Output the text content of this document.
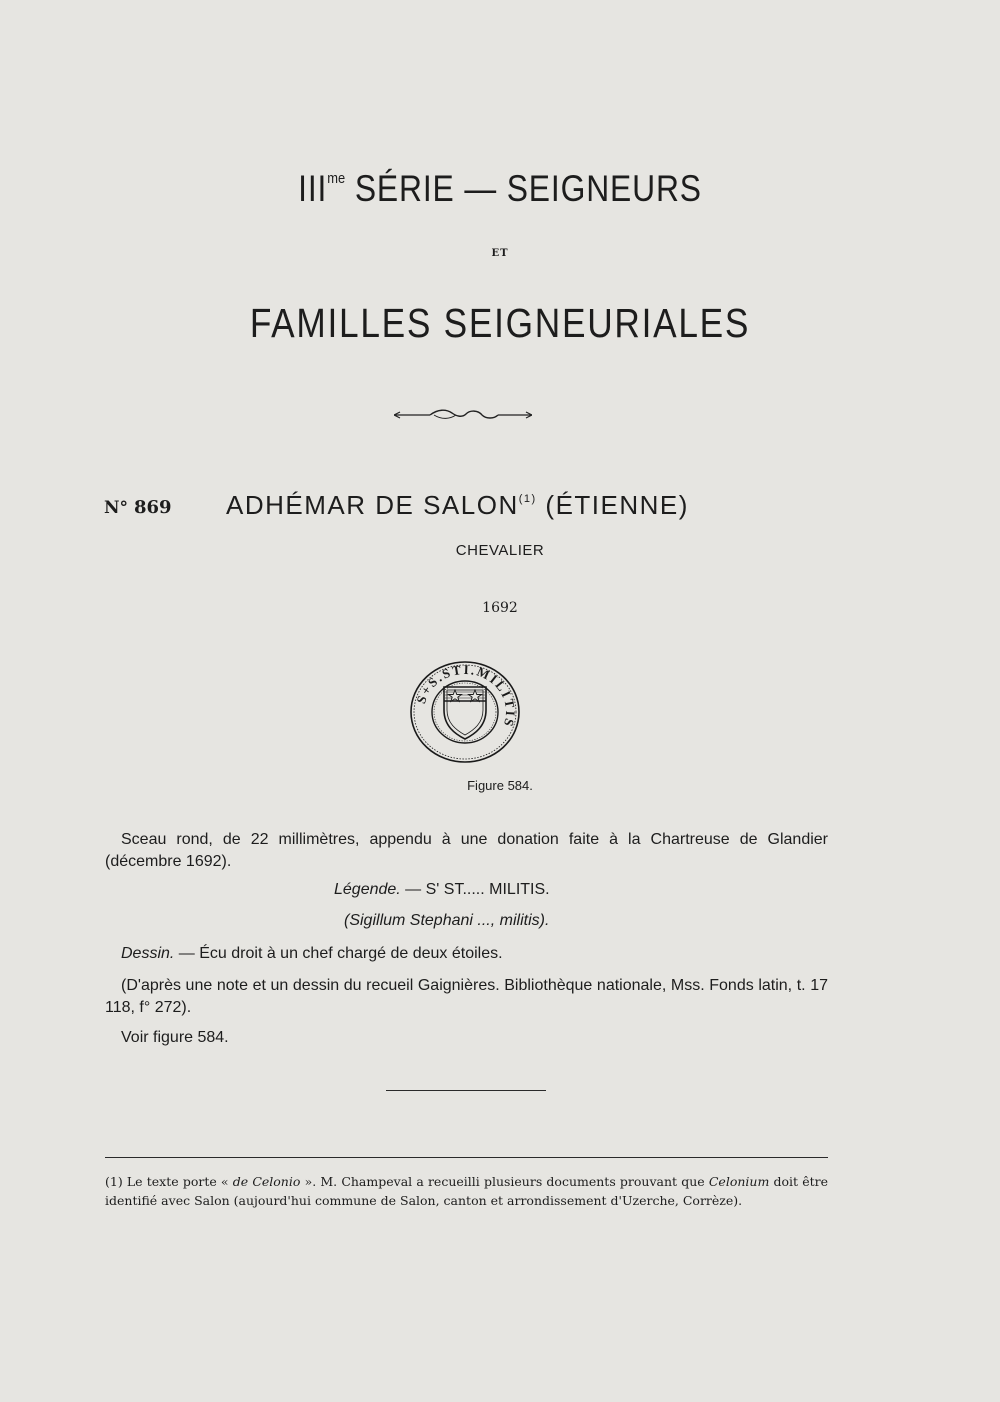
$III^{me}$ SÉRIE — SEIGNEURS
ET
FAMILLES SEIGNEURIALES
N° 869 ADHÉMAR DE SALON$^{(1)}$ (ÉTIENNE)
CHEVALIER
1692
S+S.STI.MILITIS
Figure 584.
Sceau rond, de 22 millimètres, appendu à une donation faite à la Chartreuse de Glandier (décembre 1692).
Légende. — S' ST..... MILITIS.
(Sigillum Stephani ..., militis).
Dessin. — Écu droit à un chef chargé de deux étoiles.
(D'après une note et un dessin du recueil Gaignières. Bibliothèque nationale, Mss. Fonds latin, t. 17 118, f° 272).
Voir figure 584.
(1) Le texte porte « de Celonio ». M. Champeval a recueilli plusieurs documents prouvant que Celonium doit être identifié avec Salon (aujourd'hui commune de Salon, canton et arrondissement d'Uzerche, Corrèze).
